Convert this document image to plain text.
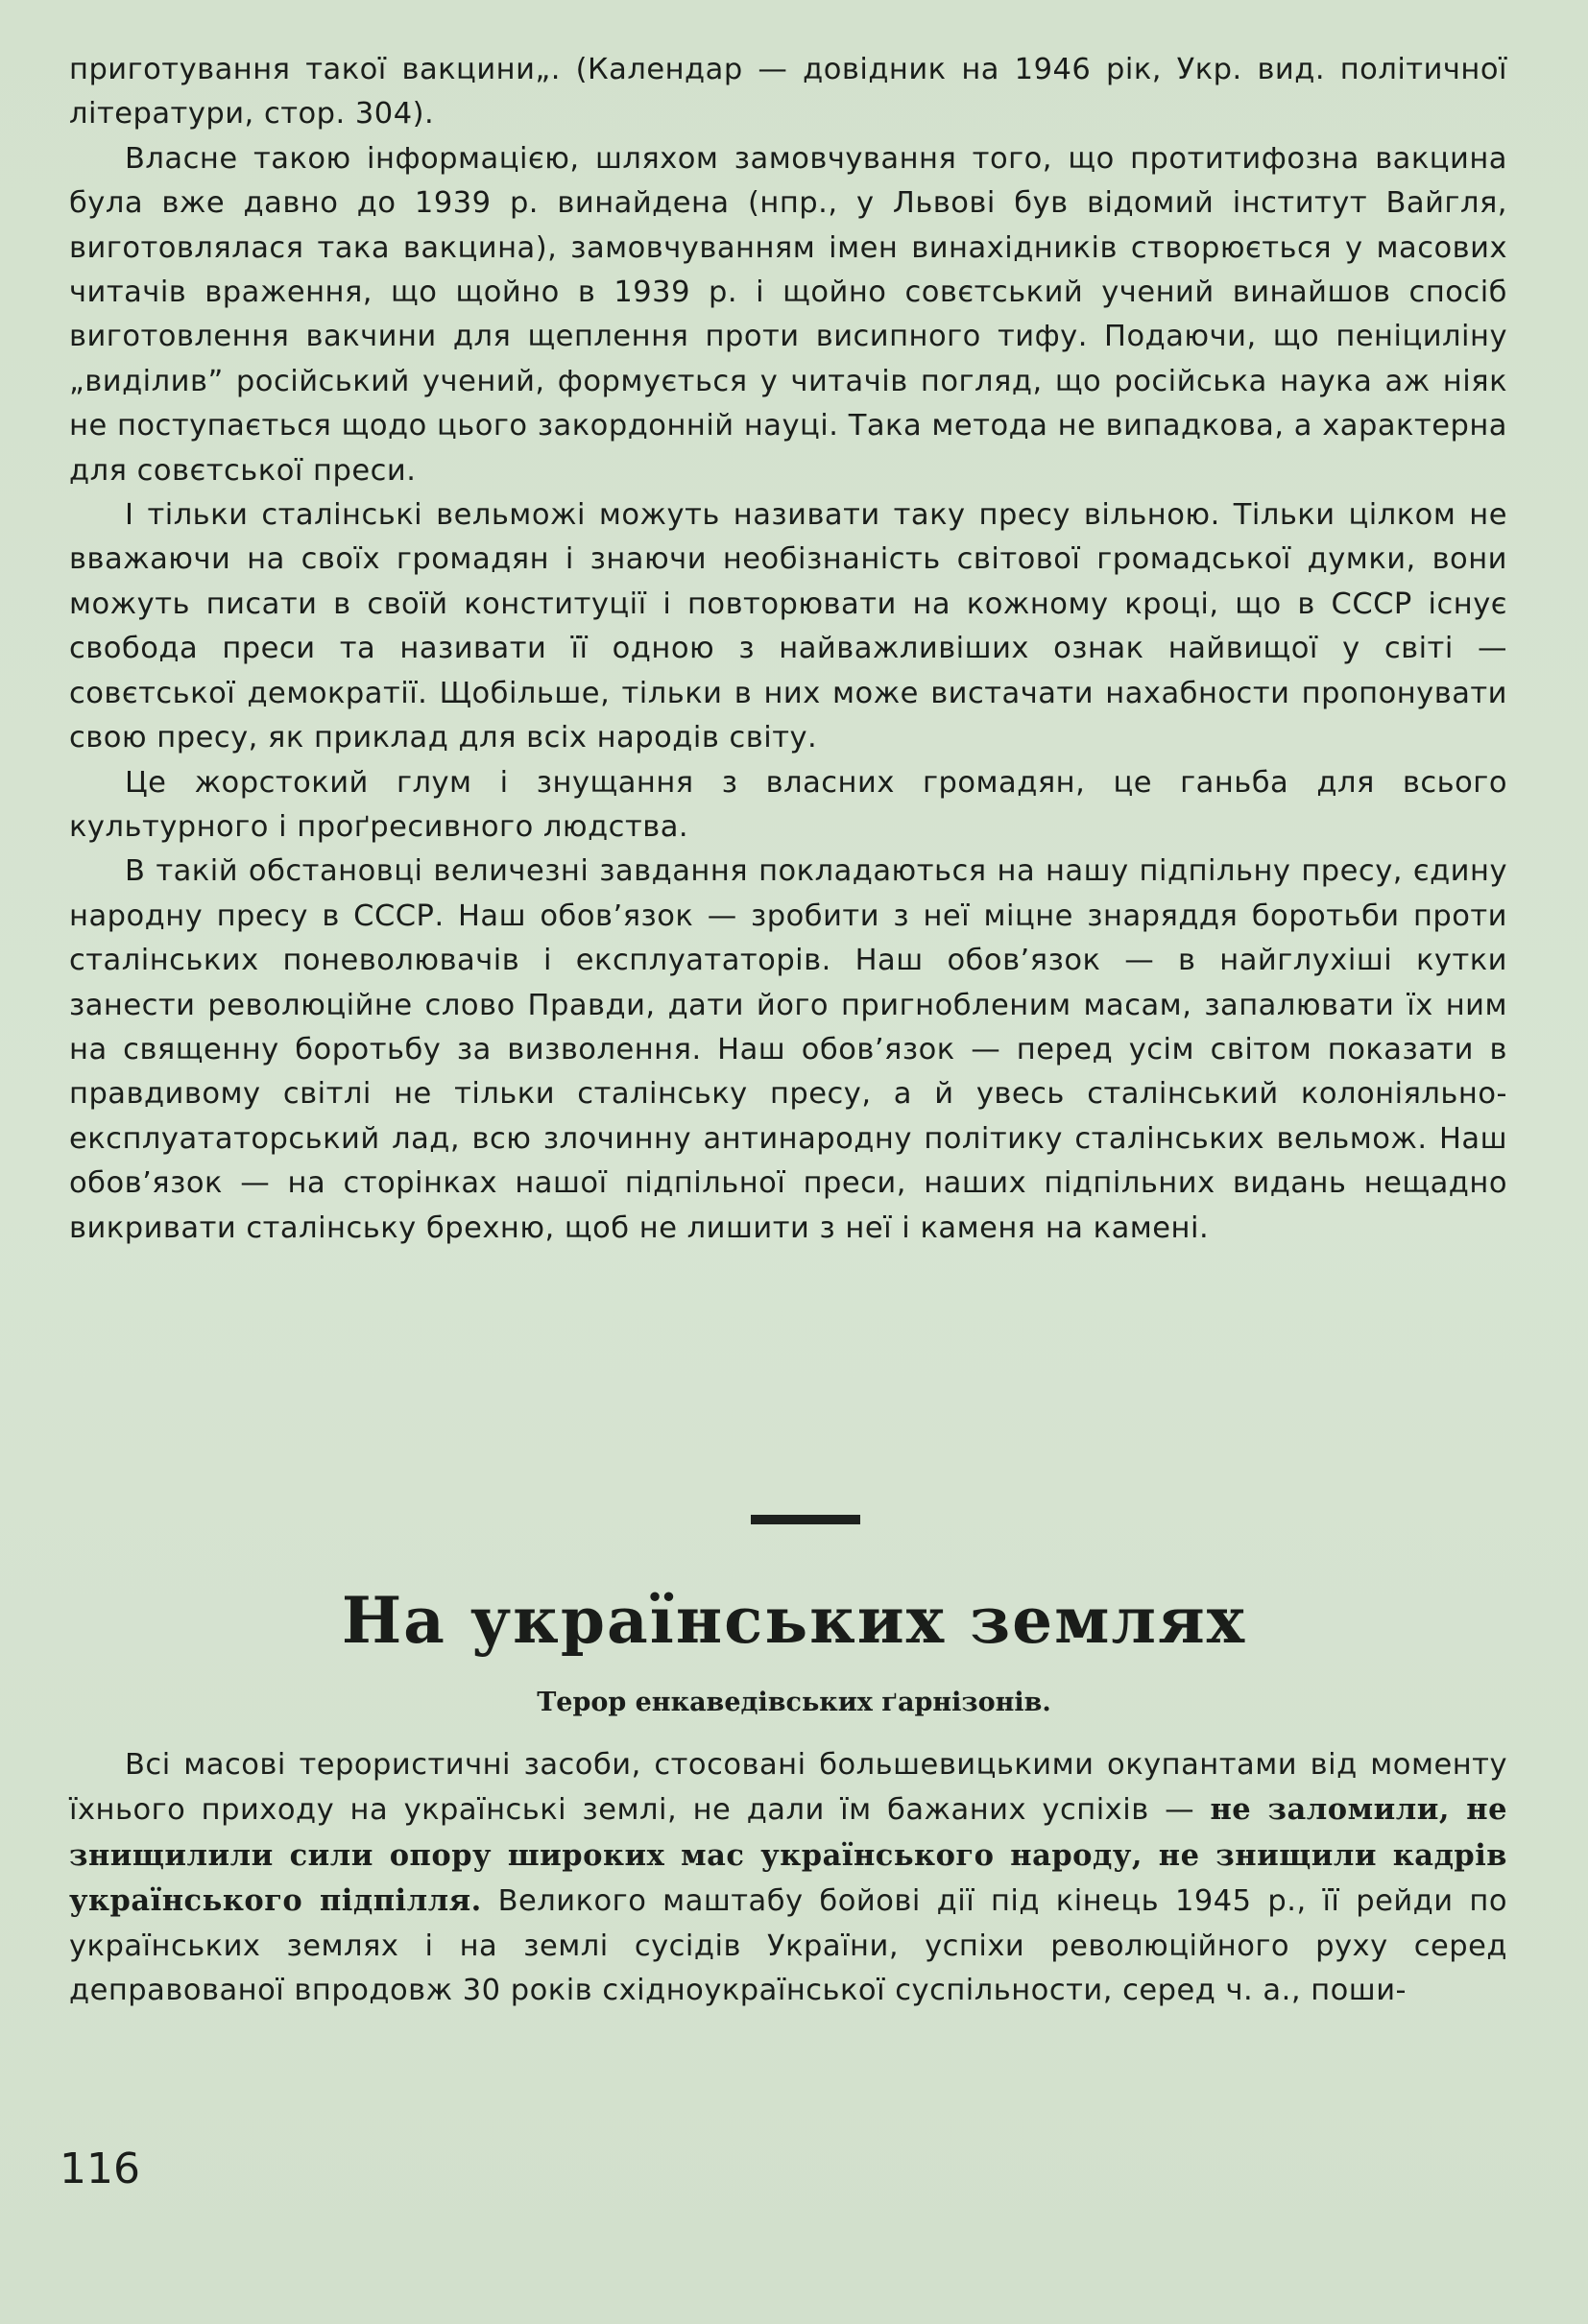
приготування такої вакцини„. (Календар — довідник на 1946 рік, Укр. вид. політичної літератури, стор. 304).

Власне такою інформацією, шляхом замовчування того, що протитифозна вакцина була вже давно до 1939 р. винайдена (нпр., у Львові був відомий інститут Вайгля, виготовлялася така вакцина), замовчуванням імен винахідників створюється у масових читачів враження, що щойно в 1939 р. і щойно совєтський учений винайшов спосіб виготовлення вакчини для щеплення проти висипного тифу. Подаючи, що пеніциліну „виділив” російський учений, формується у читачів погляд, що російська наука аж ніяк не поступається щодо цього закордонній науці. Така метода не випадкова, а характерна для совєтської преси.

І тільки сталінські вельможі можуть називати таку пресу вільною. Тільки цілком не вважаючи на своїх громадян і знаючи необізнаність світової громадської думки, вони можуть писати в своїй конституції і повторювати на кожному кроці, що в СССР існує свобода преси та називати її одною з найважливіших ознак найвищої у світі — совєтської демократії. Щобільше, тільки в них може вистачати нахабности пропонувати свою пресу, як приклад для всіх народів світу.

Це жорстокий глум і знущання з власних громадян, це ганьба для всього культурного і проґресивного людства.

В такій обстановці величезні завдання покладаються на нашу підпільну пресу, єдину народну пресу в СССР. Наш обов’язок — зробити з неї міцне знаряддя боротьби проти сталінських поневолювачів і експлуататорів. Наш обов’язок — в найглухіші кутки занести революційне слово Правди, дати його пригнобленим масам, запалювати їх ним на священну боротьбу за визволення. Наш обов’язок — перед усім світом показати в правдивому світлі не тільки сталінську пресу, а й увесь сталінський колоніяльно-експлуататорський лад, всю злочинну антинародну політику сталінських вельмож. Наш обов’язок — на сторінках нашої підпільної преси, наших підпільних видань нещадно викривати сталінську брехню, щоб не лишити з неї і каменя на камені.

На українських землях
Терор енкаведівських ґарнізонів.

Всі масові терористичні засоби, стосовані большевицькими окупантами від моменту їхнього приходу на українські землі, не дали їм бажаних успіхів — не заломили, не знищилили сили опору широких мас українського народу, не знищили кадрів українського підпілля. Великого маштабу бойові дії під кінець 1945 р., її рейди по українських землях і на землі сусідів України, успіхи революційного руху серед деправованої впродовж 30 років східноукраїнської суспільности, серед ч. а., поши-

116
